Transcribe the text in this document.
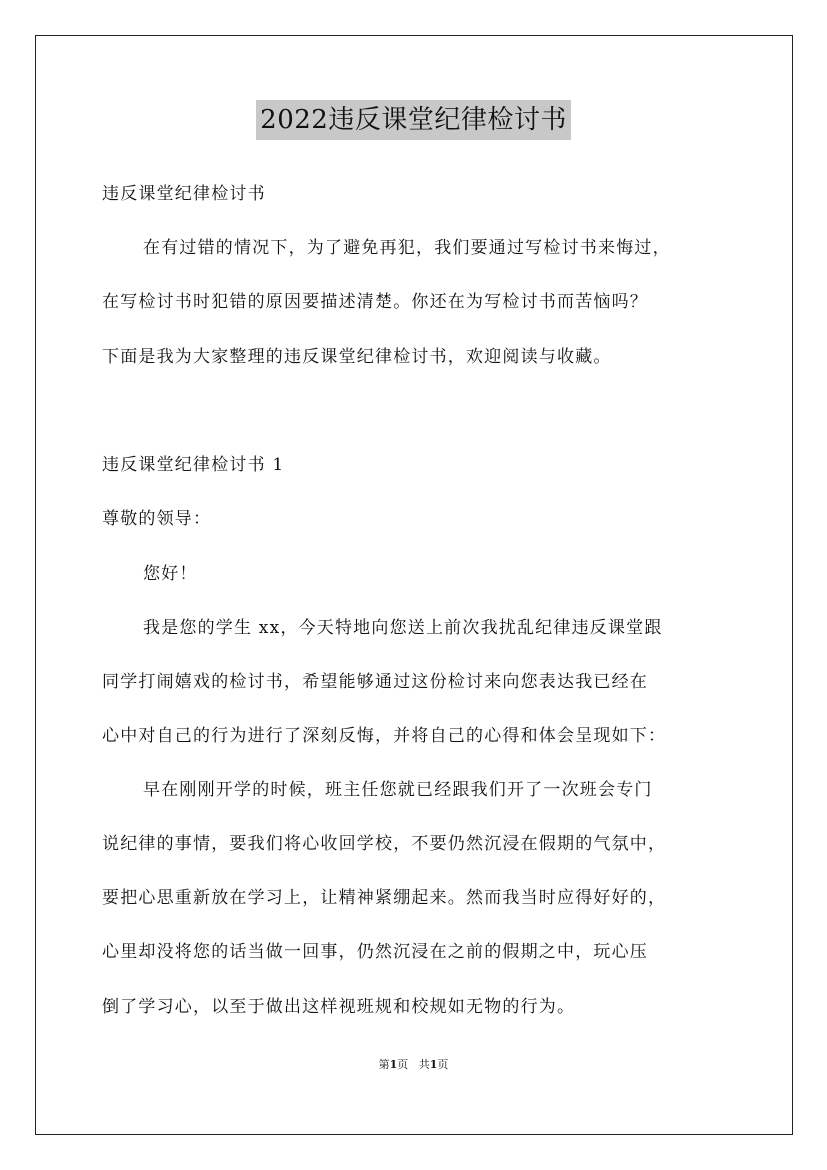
2022违反课堂纪律检讨书
违反课堂纪律检讨书
在有过错的情况下，为了避免再犯，我们要通过写检讨书来悔过，
在写检讨书时犯错的原因要描述清楚。你还在为写检讨书而苦恼吗？
下面是我为大家整理的违反课堂纪律检讨书，欢迎阅读与收藏。
违反课堂纪律检讨书 1
尊敬的领导：
您好！
我是您的学生 xx，今天特地向您送上前次我扰乱纪律违反课堂跟
同学打闹嬉戏的检讨书，希望能够通过这份检讨来向您表达我已经在
心中对自己的行为进行了深刻反悔，并将自己的心得和体会呈现如下：
早在刚刚开学的时候，班主任您就已经跟我们开了一次班会专门
说纪律的事情，要我们将心收回学校，不要仍然沉浸在假期的气氛中，
要把心思重新放在学习上，让精神紧绷起来。然而我当时应得好好的，
心里却没将您的话当做一回事，仍然沉浸在之前的假期之中，玩心压
倒了学习心，以至于做出这样视班规和校规如无物的行为。
第1页 共1页
